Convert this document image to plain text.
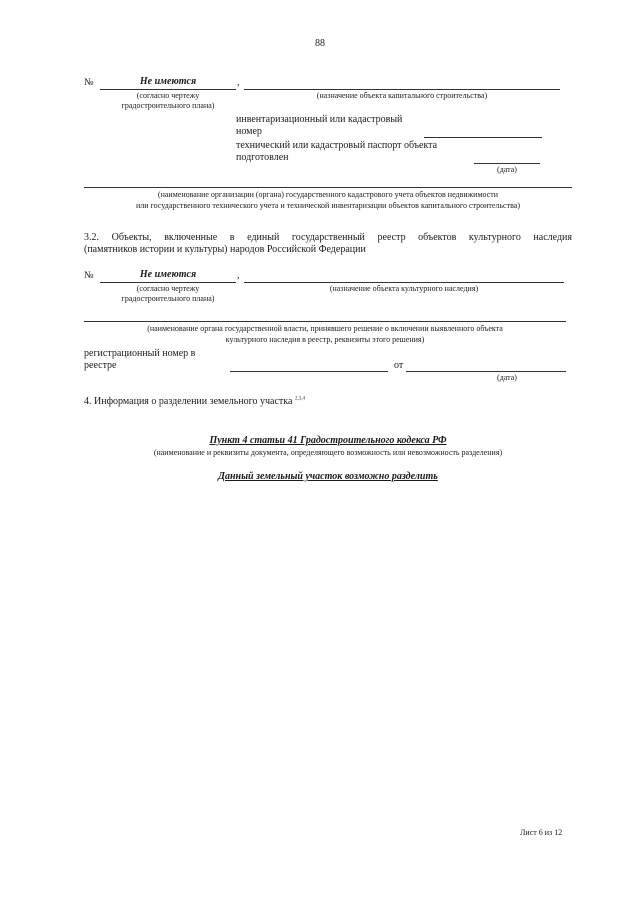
88
№	Не имеются	,
(согласно чертежу
градостроительного плана)
(назначение объекта капитального строительства)
инвентаризационный или кадастровый
номер
технический или кадастровый паспорт объекта
подготовлен
(дата)
(наименование организации (органа) государственного кадастрового учета объектов недвижимости
или государственного технического учета и технической инвентаризации объектов капитального строительства)
3.2. Объекты, включенные в единый государственный реестр объектов культурного наследия
(памятников истории и культуры) народов Российской Федерации
№	Не имеются	,
(согласно чертежу
градостроительного плана)
(назначение объекта культурного наследия)
(наименование органа государственной власти, принявшего решение о включении выявленного объекта
культурного наследия в реестр, реквизиты этого решения)
регистрационный номер в
реестре	от
(дата)
4. Информация о разделении земельного участка $^{2,3,4}$
Пункт 4 статьи 41 Градостроительного кодекса РФ
(наименование и реквизиты документа, определяющего возможность или невозможность разделения)
Данный земельный участок возможно разделить
Лист 6 из 12
